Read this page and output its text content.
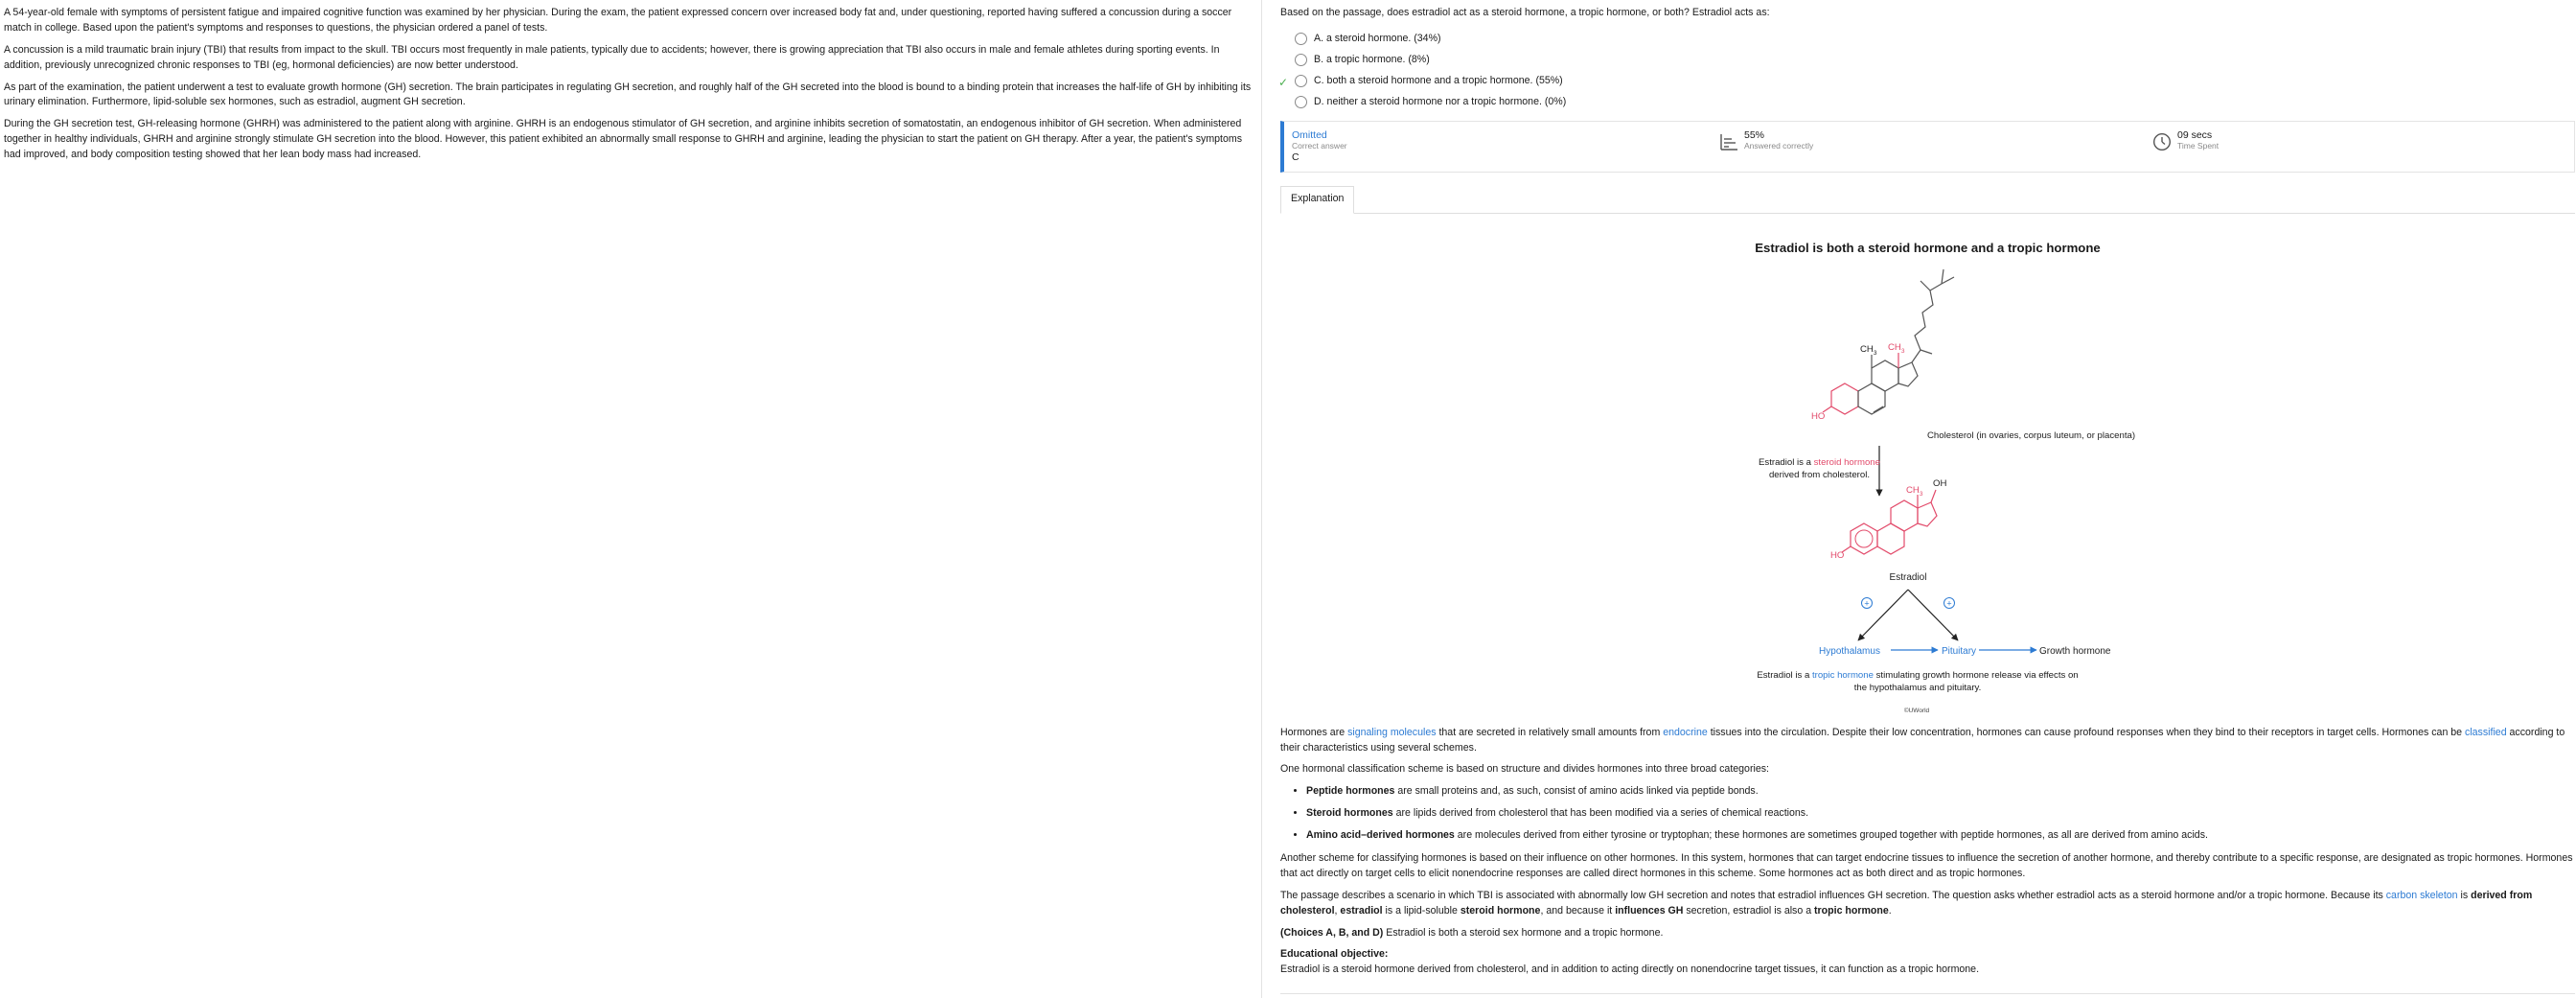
A 54-year-old female with symptoms of persistent fatigue and impaired cognitive function was examined by her physician. During the exam, the patient expressed concern over increased body fat and, under questioning, reported having suffered a concussion during a soccer match in college. Based upon the patient's symptoms and responses to questions, the physician ordered a panel of tests.

A concussion is a mild traumatic brain injury (TBI) that results from impact to the skull. TBI occurs most frequently in male patients, typically due to accidents; however, there is growing appreciation that TBI also occurs in male and female athletes during sporting events. In addition, previously unrecognized chronic responses to TBI (eg, hormonal deficiencies) are now better understood.

As part of the examination, the patient underwent a test to evaluate growth hormone (GH) secretion. The brain participates in regulating GH secretion, and roughly half of the GH secreted into the blood is bound to a binding protein that increases the half-life of GH by inhibiting its urinary elimination. Furthermore, lipid-soluble sex hormones, such as estradiol, augment GH secretion.

During the GH secretion test, GH-releasing hormone (GHRH) was administered to the patient along with arginine. GHRH is an endogenous stimulator of GH secretion, and arginine inhibits secretion of somatostatin, an endogenous inhibitor of GH secretion. When administered together in healthy individuals, GHRH and arginine strongly stimulate GH secretion into the blood. However, this patient exhibited an abnormally small response to GHRH and arginine, leading the physician to start the patient on GH therapy. After a year, the patient's symptoms had improved, and body composition testing showed that her lean body mass had increased.

Based on the passage, does estradiol act as a steroid hormone, a tropic hormone, or both? Estradiol acts as:
A.
a steroid hormone.
(34%)
B.
a tropic hormone.
(8%)
✓	C.
both a steroid hormone and a tropic hormone.
(55%)
D.
neither a steroid hormone nor a tropic hormone.
(0%)
Omitted
Correct answer
C
55%
Answered correctly
09 secs
Time Spent
Explanation
Estradiol is both a steroid hormone and a tropic hormone
HO
$CH_3$
$CH_3$
Cholesterol (in ovaries, corpus luteum, or placenta)
HO
$CH_3$
OH
Estradiol
+	+
Hypothalamus	Pituitary	Growth hormone
©UWorld
Estradiol is a steroid hormone
derived from cholesterol.
Estradiol is a tropic hormone stimulating growth hormone release via effects on
the hypothalamus and pituitary.

Hormones are signaling molecules that are secreted in relatively small amounts from endocrine tissues into the circulation. Despite their low concentration, hormones can cause profound responses when they bind to their receptors in target cells. Hormones can be classified according to their characteristics using several schemes.

One hormonal classification scheme is based on structure and divides hormones into three broad categories:

• Peptide hormones are small proteins and, as such, consist of amino acids linked via peptide bonds.
• Steroid hormones are lipids derived from cholesterol that has been modified via a series of chemical reactions.
• Amino acid–derived hormones are molecules derived from either tyrosine or tryptophan; these hormones are sometimes grouped together with peptide hormones, as all are derived from amino acids.

Another scheme for classifying hormones is based on their influence on other hormones. In this system, hormones that can target endocrine tissues to influence the secretion of another hormone, and thereby contribute to a specific response, are designated as tropic hormones. Hormones that act directly on target cells to elicit nonendocrine responses are called direct hormones in this scheme. Some hormones act as both direct and as tropic hormones.

The passage describes a scenario in which TBI is associated with abnormally low GH secretion and notes that estradiol influences GH secretion. The question asks whether estradiol acts as a steroid hormone and/or a tropic hormone. Because its carbon skeleton is derived from cholesterol, estradiol is a lipid-soluble steroid hormone, and because it influences GH secretion, estradiol is also a tropic hormone.

(Choices A, B, and D) Estradiol is both a steroid sex hormone and a tropic hormone.

Educational objective:
Estradiol is a steroid hormone derived from cholesterol, and in addition to acting directly on nonendocrine target tissues, it can function as a tropic hormone.
